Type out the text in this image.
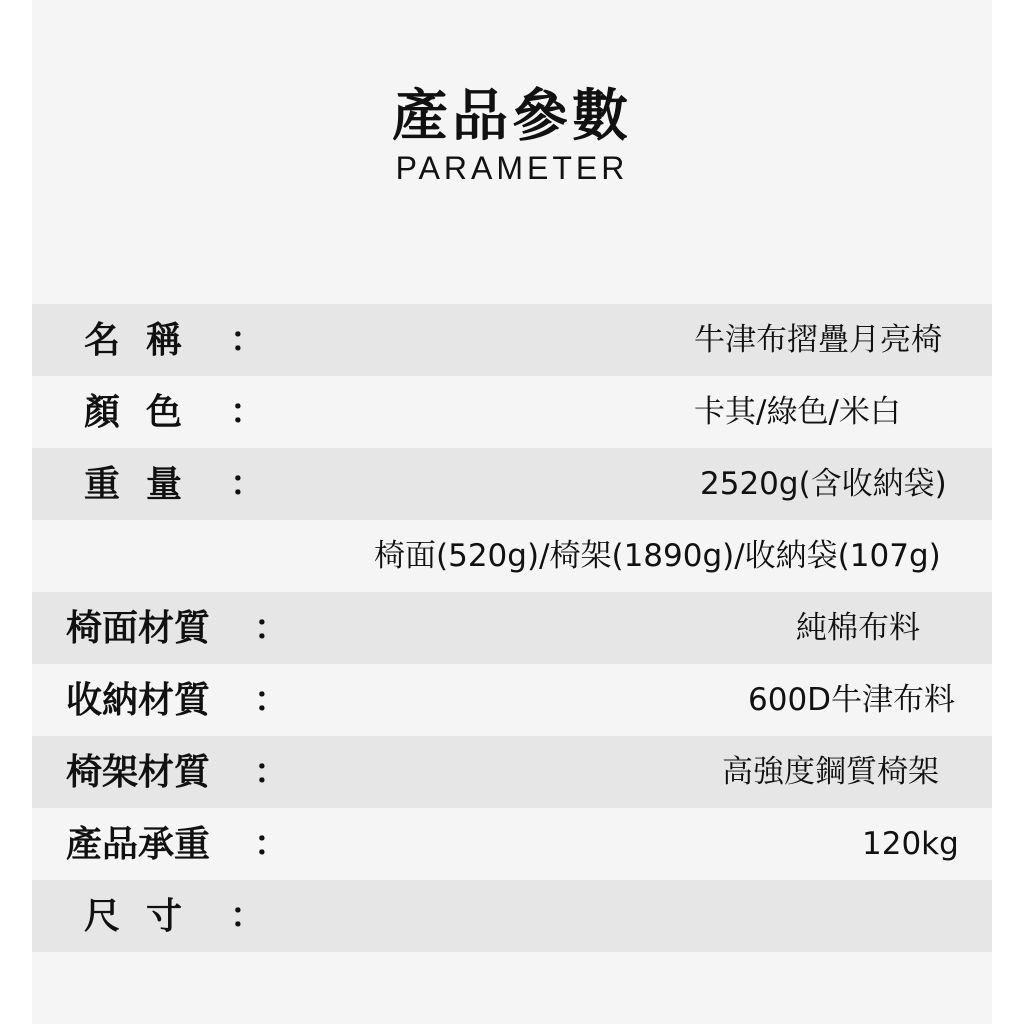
產品參數
PARAMETER
名稱 ：	牛津布摺疊月亮椅
顏色 ：	卡其/綠色/米白
重量 ：	2520g(含收納袋)
椅面(520g)/椅架(1890g)/收納袋(107g)
椅面材質 ：	純棉布料
收納材質 ：	600D牛津布料
椅架材質 ：	高強度鋼質椅架
產品承重 ：	120kg
尺寸 ：
